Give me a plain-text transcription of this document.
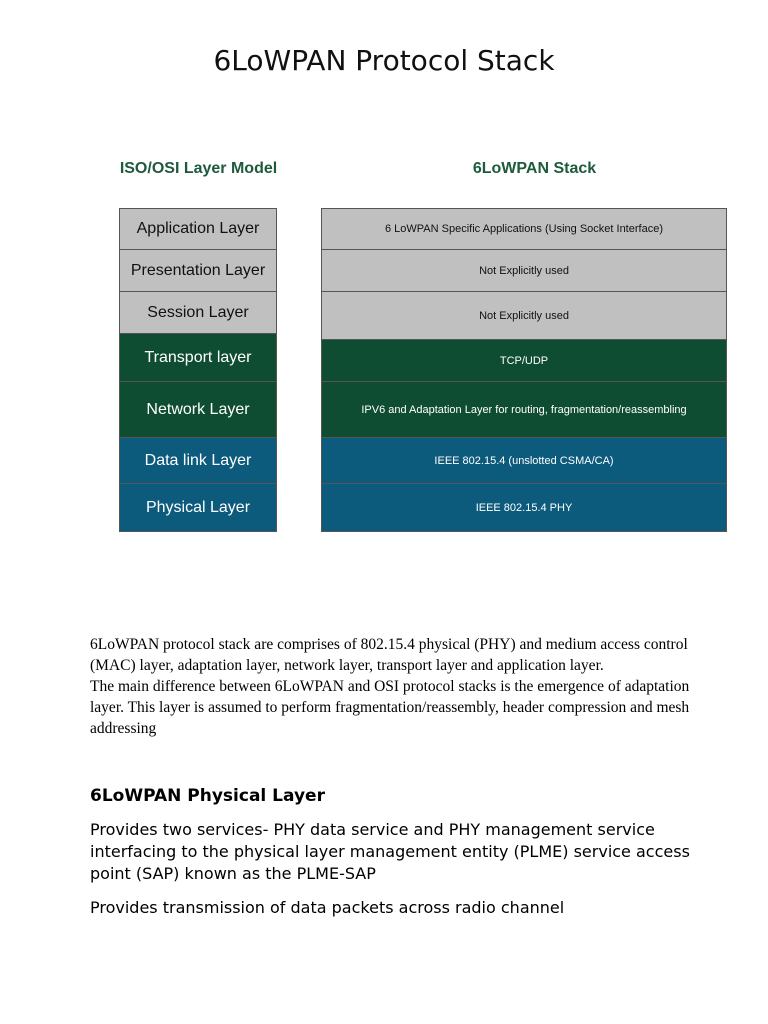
6LoWPAN Protocol Stack
ISO/OSI Layer Model	6LoWPAN Stack
Application Layer
Presentation Layer
Session Layer
Transport layer
Network Layer
Data link Layer
Physical Layer
6 LoWPAN Specific Applications (Using Socket Interface)
Not Explicitly used
Not Explicitly used
TCP/UDP
IPV6 and Adaptation Layer for routing, fragmentation/reassembling
IEEE 802.15.4 (unslotted CSMA/CA)
IEEE 802.15.4 PHY

6LoWPAN protocol stack are comprises of 802.15.4 physical (PHY) and medium access control (MAC) layer, adaptation layer, network layer, transport layer and application layer.

The main difference between 6LoWPAN and OSI protocol stacks is the emergence of adaptation layer. This layer is assumed to perform fragmentation/reassembly, header compression and mesh addressing

6LoWPAN Physical Layer

Provides two services- PHY data service and PHY management service interfacing to the physical layer management entity (PLME) service access point (SAP) known as the PLME-SAP

Provides transmission of data packets across radio channel
